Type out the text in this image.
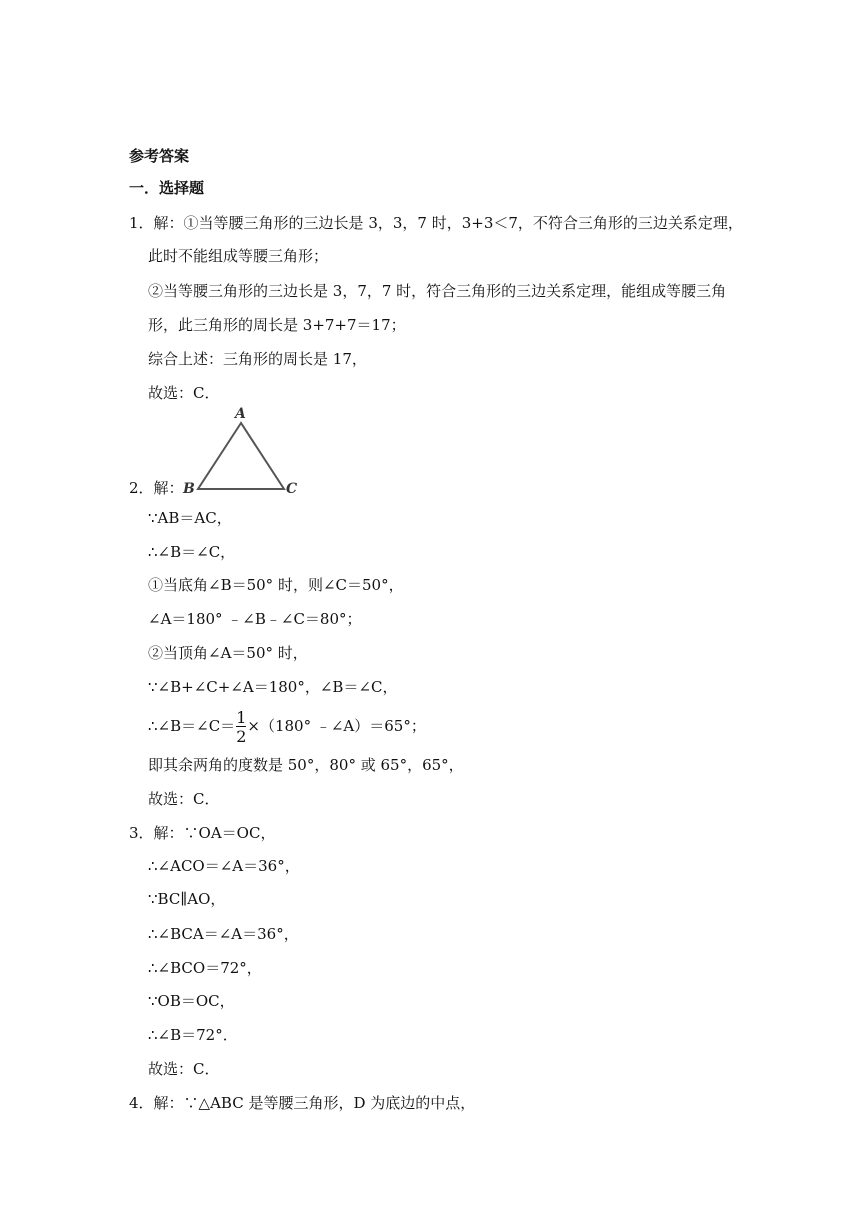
参考答案
一．选择题
1．解：①当等腰三角形的三边长是 3，3，7 时，3+3＜7，不符合三角形的三边关系定理，
此时不能组成等腰三角形；
②当等腰三角形的三边长是 3，7，7 时，符合三角形的三边关系定理，能组成等腰三角
形，此三角形的周长是 3+7+7＝17；
综合上述：三角形的周长是 17，
故选：C．
A
B	C
2．解：
∵AB＝AC，
∴∠B＝∠C，
①当底角∠B＝50° 时，则∠C＝50°，
∠A＝180° ﹣∠B﹣∠C＝80°；
②当顶角∠A＝50° 时，
∵∠B+∠C+∠A＝180°，∠B＝∠C，
∴∠B＝∠C＝ $\frac{1}{2} \times(180^\circ$ ﹣∠A）＝65°；
即其余两角的度数是 50°，80° 或 65°，65°，
故选：C．
3．解：∵OA＝OC，
∴∠ACO＝∠A＝36°，
∵BC∥AO，
∴∠BCA＝∠A＝36°，
∴∠BCO＝72°，
∵OB＝OC，
∴∠B＝72°．
故选：C．
4．解：∵△ABC 是等腰三角形，D 为底边的中点，
